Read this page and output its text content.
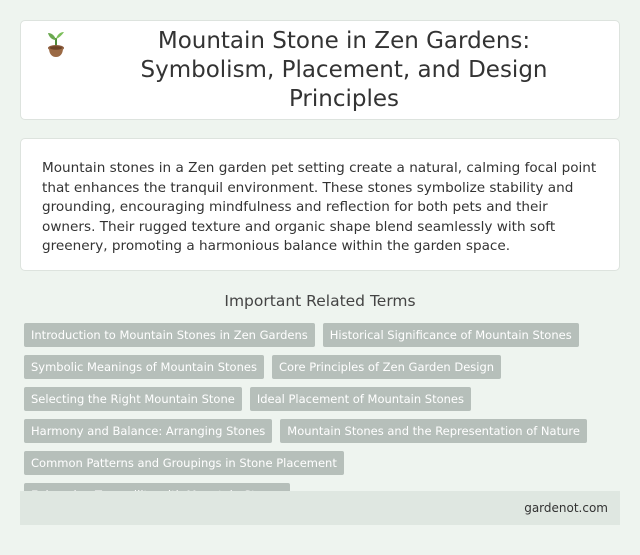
Mountain Stone in Zen Gardens: Symbolism, Placement, and Design Principles

Mountain stones in a Zen garden pet setting create a natural, calming focal point that enhances the tranquil environment. These stones symbolize stability and grounding, encouraging mindfulness and reflection for both pets and their owners. Their rugged texture and organic shape blend seamlessly with soft greenery, promoting a harmonious balance within the garden space.

Important Related Terms
Introduction to Mountain Stones in Zen Gardens	Historical Significance of Mountain Stones
Symbolic Meanings of Mountain Stones	Core Principles of Zen Garden Design
Selecting the Right Mountain Stone	Ideal Placement of Mountain Stones
Harmony and Balance: Arranging Stones	Mountain Stones and the Representation of Nature
Common Patterns and Groupings in Stone Placement
gardenot.com
